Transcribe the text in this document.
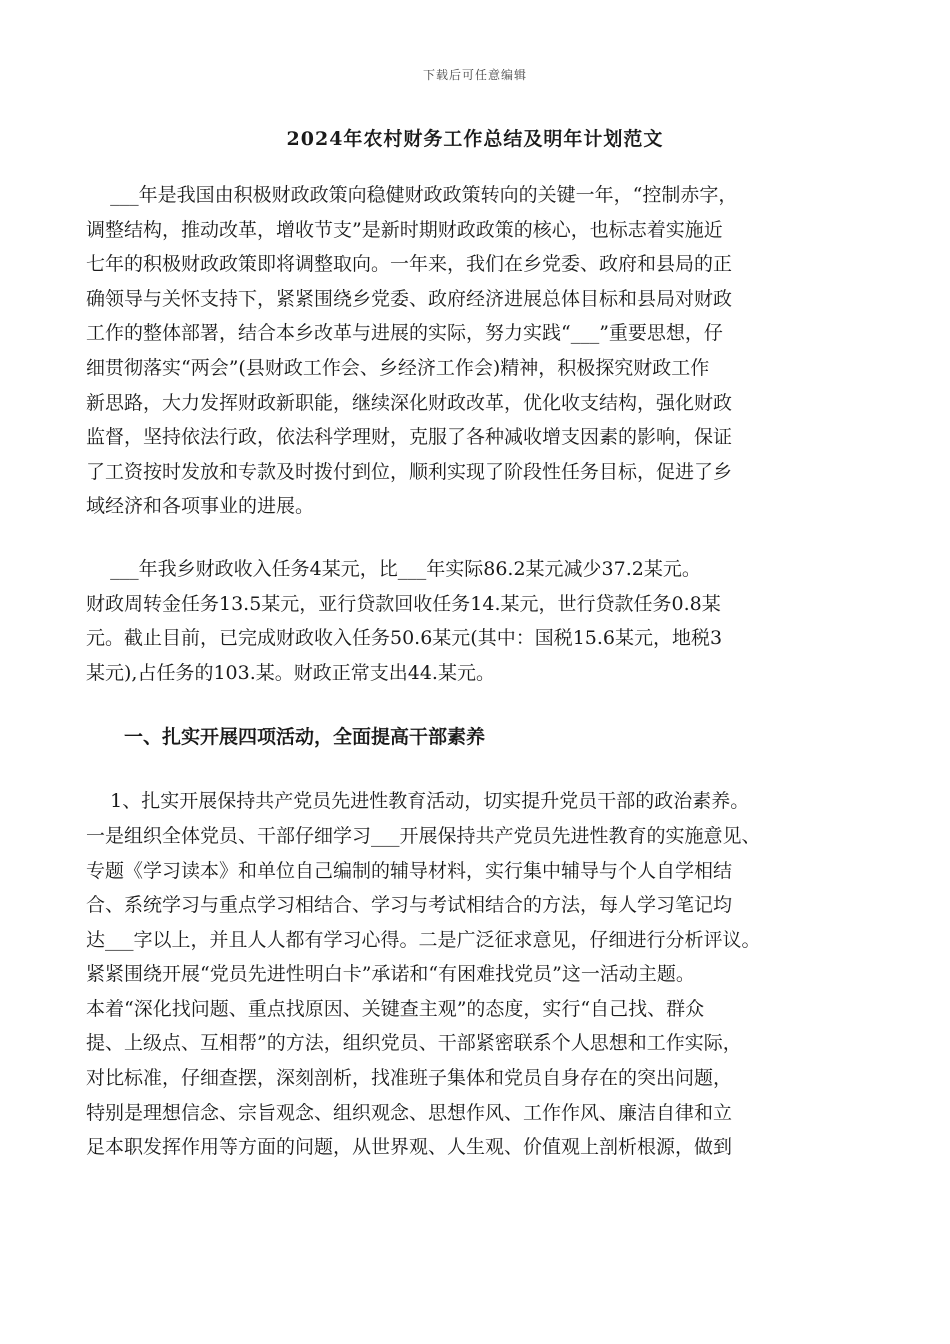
下载后可任意编辑
2024年农村财务工作总结及明年计划范文

___年是我国由积极财政政策向稳健财政政策转向的关键一年，“控制赤字，
调整结构，推动改革，增收节支”是新时期财政政策的核心，也标志着实施近
七年的积极财政政策即将调整取向。一年来，我们在乡党委、政府和县局的正
确领导与关怀支持下，紧紧围绕乡党委、政府经济进展总体目标和县局对财政
工作的整体部署，结合本乡改革与进展的实际，努力实践“___”重要思想，仔
细贯彻落实“两会”(县财政工作会、乡经济工作会)精神，积极探究财政工作
新思路，大力发挥财政新职能，继续深化财政改革，优化收支结构，强化财政
监督，坚持依法行政，依法科学理财，克服了各种减收增支因素的影响，保证
了工资按时发放和专款及时拨付到位，顺利实现了阶段性任务目标，促进了乡
域经济和各项事业的进展。

___年我乡财政收入任务4某元，比___年实际86.2某元减少37.2某元。
财政周转金任务13.5某元，亚行贷款回收任务14.某元，世行贷款任务0.8某
元。截止目前，已完成财政收入任务50.6某元(其中：国税15.6某元，地税3
某元),占任务的103.某。财政正常支出44.某元。

一、扎实开展四项活动，全面提高干部素养

1、扎实开展保持共产党员先进性教育活动，切实提升党员干部的政治素养。
一是组织全体党员、干部仔细学习___开展保持共产党员先进性教育的实施意见、
专题《学习读本》和单位自己编制的辅导材料，实行集中辅导与个人自学相结
合、系统学习与重点学习相结合、学习与考试相结合的方法，每人学习笔记均
达___字以上，并且人人都有学习心得。二是广泛征求意见，仔细进行分析评议。
紧紧围绕开展“党员先进性明白卡”承诺和“有困难找党员”这一活动主题。
本着“深化找问题、重点找原因、关键查主观”的态度，实行“自己找、群众
提、上级点、互相帮”的方法，组织党员、干部紧密联系个人思想和工作实际，
对比标准，仔细查摆，深刻剖析，找准班子集体和党员自身存在的突出问题，
特别是理想信念、宗旨观念、组织观念、思想作风、工作作风、廉洁自律和立
足本职发挥作用等方面的问题，从世界观、人生观、价值观上剖析根源，做到
